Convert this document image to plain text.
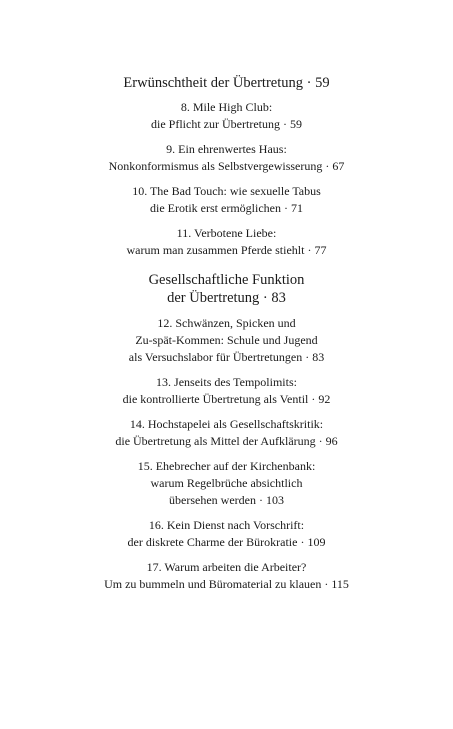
Erwünschtheit der Übertretung · 59

8. Mile High Club:
die Pflicht zur Übertretung · 59

9. Ein ehrenwertes Haus:
Nonkonformismus als Selbstvergewisserung · 67

10. The Bad Touch: wie sexuelle Tabus
die Erotik erst ermöglichen · 71

11. Verbotene Liebe:
warum man zusammen Pferde stiehlt · 77

Gesellschaftliche Funktion
der Übertretung · 83

12. Schwänzen, Spicken und
Zu-spät-Kommen: Schule und Jugend
als Versuchslabor für Übertretungen · 83

13. Jenseits des Tempolimits:
die kontrollierte Übertretung als Ventil · 92

14. Hochstapelei als Gesellschaftskritik:
die Übertretung als Mittel der Aufklärung · 96

15. Ehebrecher auf der Kirchenbank:
warum Regelbrüche absichtlich
übersehen werden · 103

16. Kein Dienst nach Vorschrift:
der diskrete Charme der Bürokratie · 109

17. Warum arbeiten die Arbeiter?
Um zu bummeln und Büromaterial zu klauen · 115
